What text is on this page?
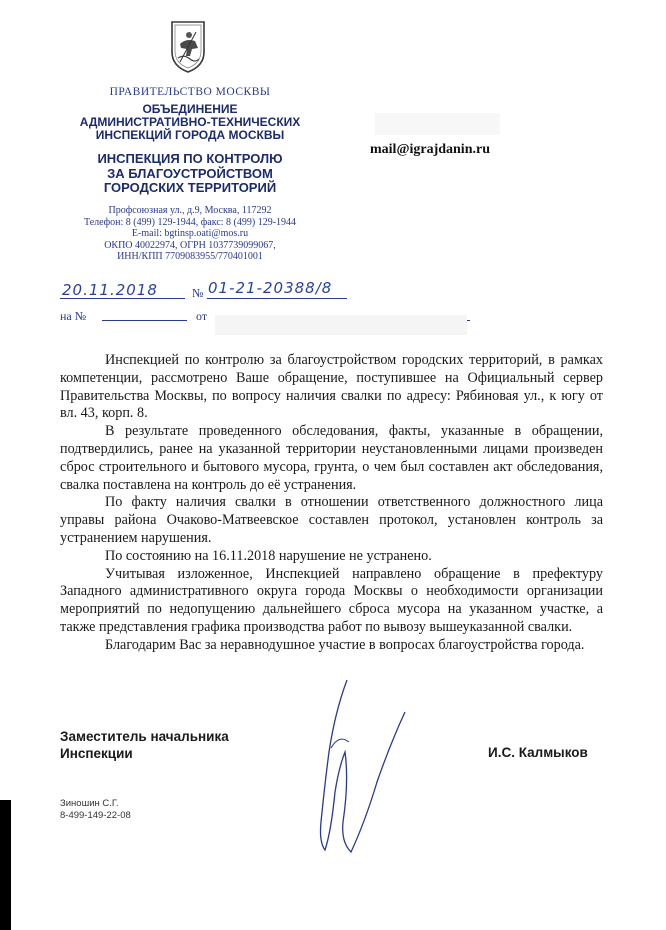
ПРАВИТЕЛЬСТВО МОСКВЫ
ОБЪЕДИНЕНИЕ
АДМИНИСТРАТИВНО-ТЕХНИЧЕСКИХ
ИНСПЕКЦИЙ ГОРОДА МОСКВЫ
ИНСПЕКЦИЯ ПО КОНТРОЛЮ
ЗА БЛАГОУСТРОЙСТВОМ
ГОРОДСКИХ ТЕРРИТОРИЙ
Профсоюзная ул., д.9, Москва, 117292
Телефон: 8 (499) 129-1944, факс: 8 (499) 129-1944
E-mail: bgtinsp.oati@mos.ru
ОКПО 40022974, ОГРН 1037739099067,
ИНН/КПП 7709083955/770401001
mail@igrajdanin.ru
20.11.2018	№ 01-21-20388/8
на №	от

Инспекцией по контролю за благоустройством городских территорий, в рамках компетенции, рассмотрено Ваше обращение, поступившее на Официальный сервер Правительства Москвы, по вопросу наличия свалки по адресу: Рябиновая ул., к югу от вл. 43, корп. 8.

В результате проведенного обследования, факты, указанные в обращении, подтвердились, ранее на указанной территории неустановленными лицами произведен сброс строительного и бытового мусора, грунта, о чем был составлен акт обследования, свалка поставлена на контроль до её устранения.

По факту наличия свалки в отношении ответственного должностного лица управы района Очаково-Матвеевское составлен протокол, установлен контроль за устранением нарушения.

По состоянию на 16.11.2018 нарушение не устранено.

Учитывая изложенное, Инспекцией направлено обращение в префектуру Западного административного округа города Москвы о необходимости организации мероприятий по недопущению дальнейшего сброса мусора на указанном участке, а также представления графика производства работ по вывозу вышеуказанной свалки.

Благодарим Вас за неравнодушное участие в вопросах благоустройства города.

Заместитель начальника
Инспекции	И.С. Калмыков
Зиношин С.Г.
8-499-149-22-08
